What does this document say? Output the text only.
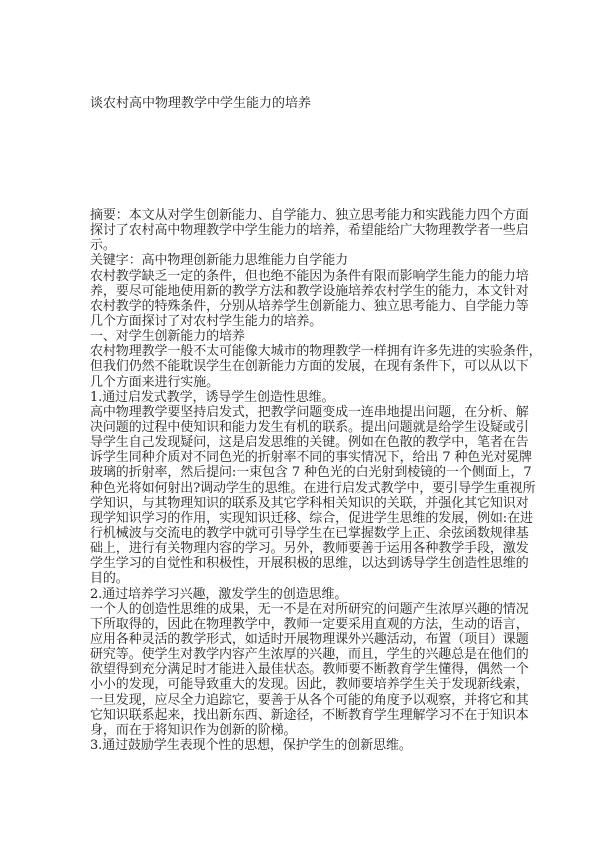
谈农村高中物理教学中学生能力的培养
摘要：本文从对学生创新能力、自学能力、独立思考能力和实践能力四个方面
探讨了农村高中物理教学中学生能力的培养，希望能给广大物理教学者一些启
示。
关键字：高中物理创新能力思维能力自学能力
农村教学缺乏一定的条件，但也绝不能因为条件有限而影响学生能力的能力培
养，要尽可能地使用新的教学方法和教学设施培养农村学生的能力，本文针对
农村教学的特殊条件，分别从培养学生创新能力、独立思考能力、自学能力等
几个方面探讨了对农村学生能力的培养。
一、对学生创新能力的培养
农村物理教学一般不太可能像大城市的物理教学一样拥有许多先进的实验条件，
但我们仍然不能耽误学生在创新能力方面的发展，在现有条件下，可以从以下
几个方面来进行实施。
1.通过启发式教学，诱导学生创造性思维。
高中物理教学要坚持启发式，把教学问题变成一连串地提出问题，在分析、解
决问题的过程中使知识和能力发生有机的联系。提出问题就是给学生设疑或引
导学生自己发现疑问，这是启发思维的关键。例如在色散的教学中，笔者在告
诉学生同种介质对不同色光的折射率不同的事实情况下，给出 7 种色光对冕牌
玻璃的折射率，然后提问:一束包含 7 种色光的白光射到棱镜的一个侧面上，7
种色光将如何射出?调动学生的思维。在进行启发式教学中，要引导学生重视所
学知识，与其物理知识的联系及其它学科相关知识的关联，并强化其它知识对
现学知识学习的作用，实现知识迁移、综合，促进学生思维的发展，例如:在进
行机械波与交流电的教学中就可引导学生在已掌握数学上正、余弦函数规律基
础上，进行有关物理内容的学习。另外，教师要善于运用各种教学手段，激发
学生学习的自觉性和积极性，开展积极的思维，以达到诱导学生创造性思维的
目的。
2.通过培养学习兴趣，激发学生的创造思维。
一个人的创造性思维的成果，无一不是在对所研究的问题产生浓厚兴趣的情况
下所取得的，因此在物理教学中，教师一定要采用直观的方法，生动的语言，
应用各种灵活的教学形式，如适时开展物理课外兴趣活动，布置（项目）课题
研究等。使学生对教学内容产生浓厚的兴趣，而且，学生的兴趣总是在他们的
欲望得到充分满足时才能进入最佳状态。教师要不断教育学生懂得，偶然一个
小小的发现，可能导致重大的发现。因此，教师要培养学生关于发现新线索，
一旦发现，应尽全力追踪它，要善于从各个可能的角度予以观察，并将它和其
它知识联系起来，找出新东西、新途径，不断教育学生理解学习不在于知识本
身，而在于将知识作为创新的阶梯。
3.通过鼓励学生表现个性的思想，保护学生的创新思维。
